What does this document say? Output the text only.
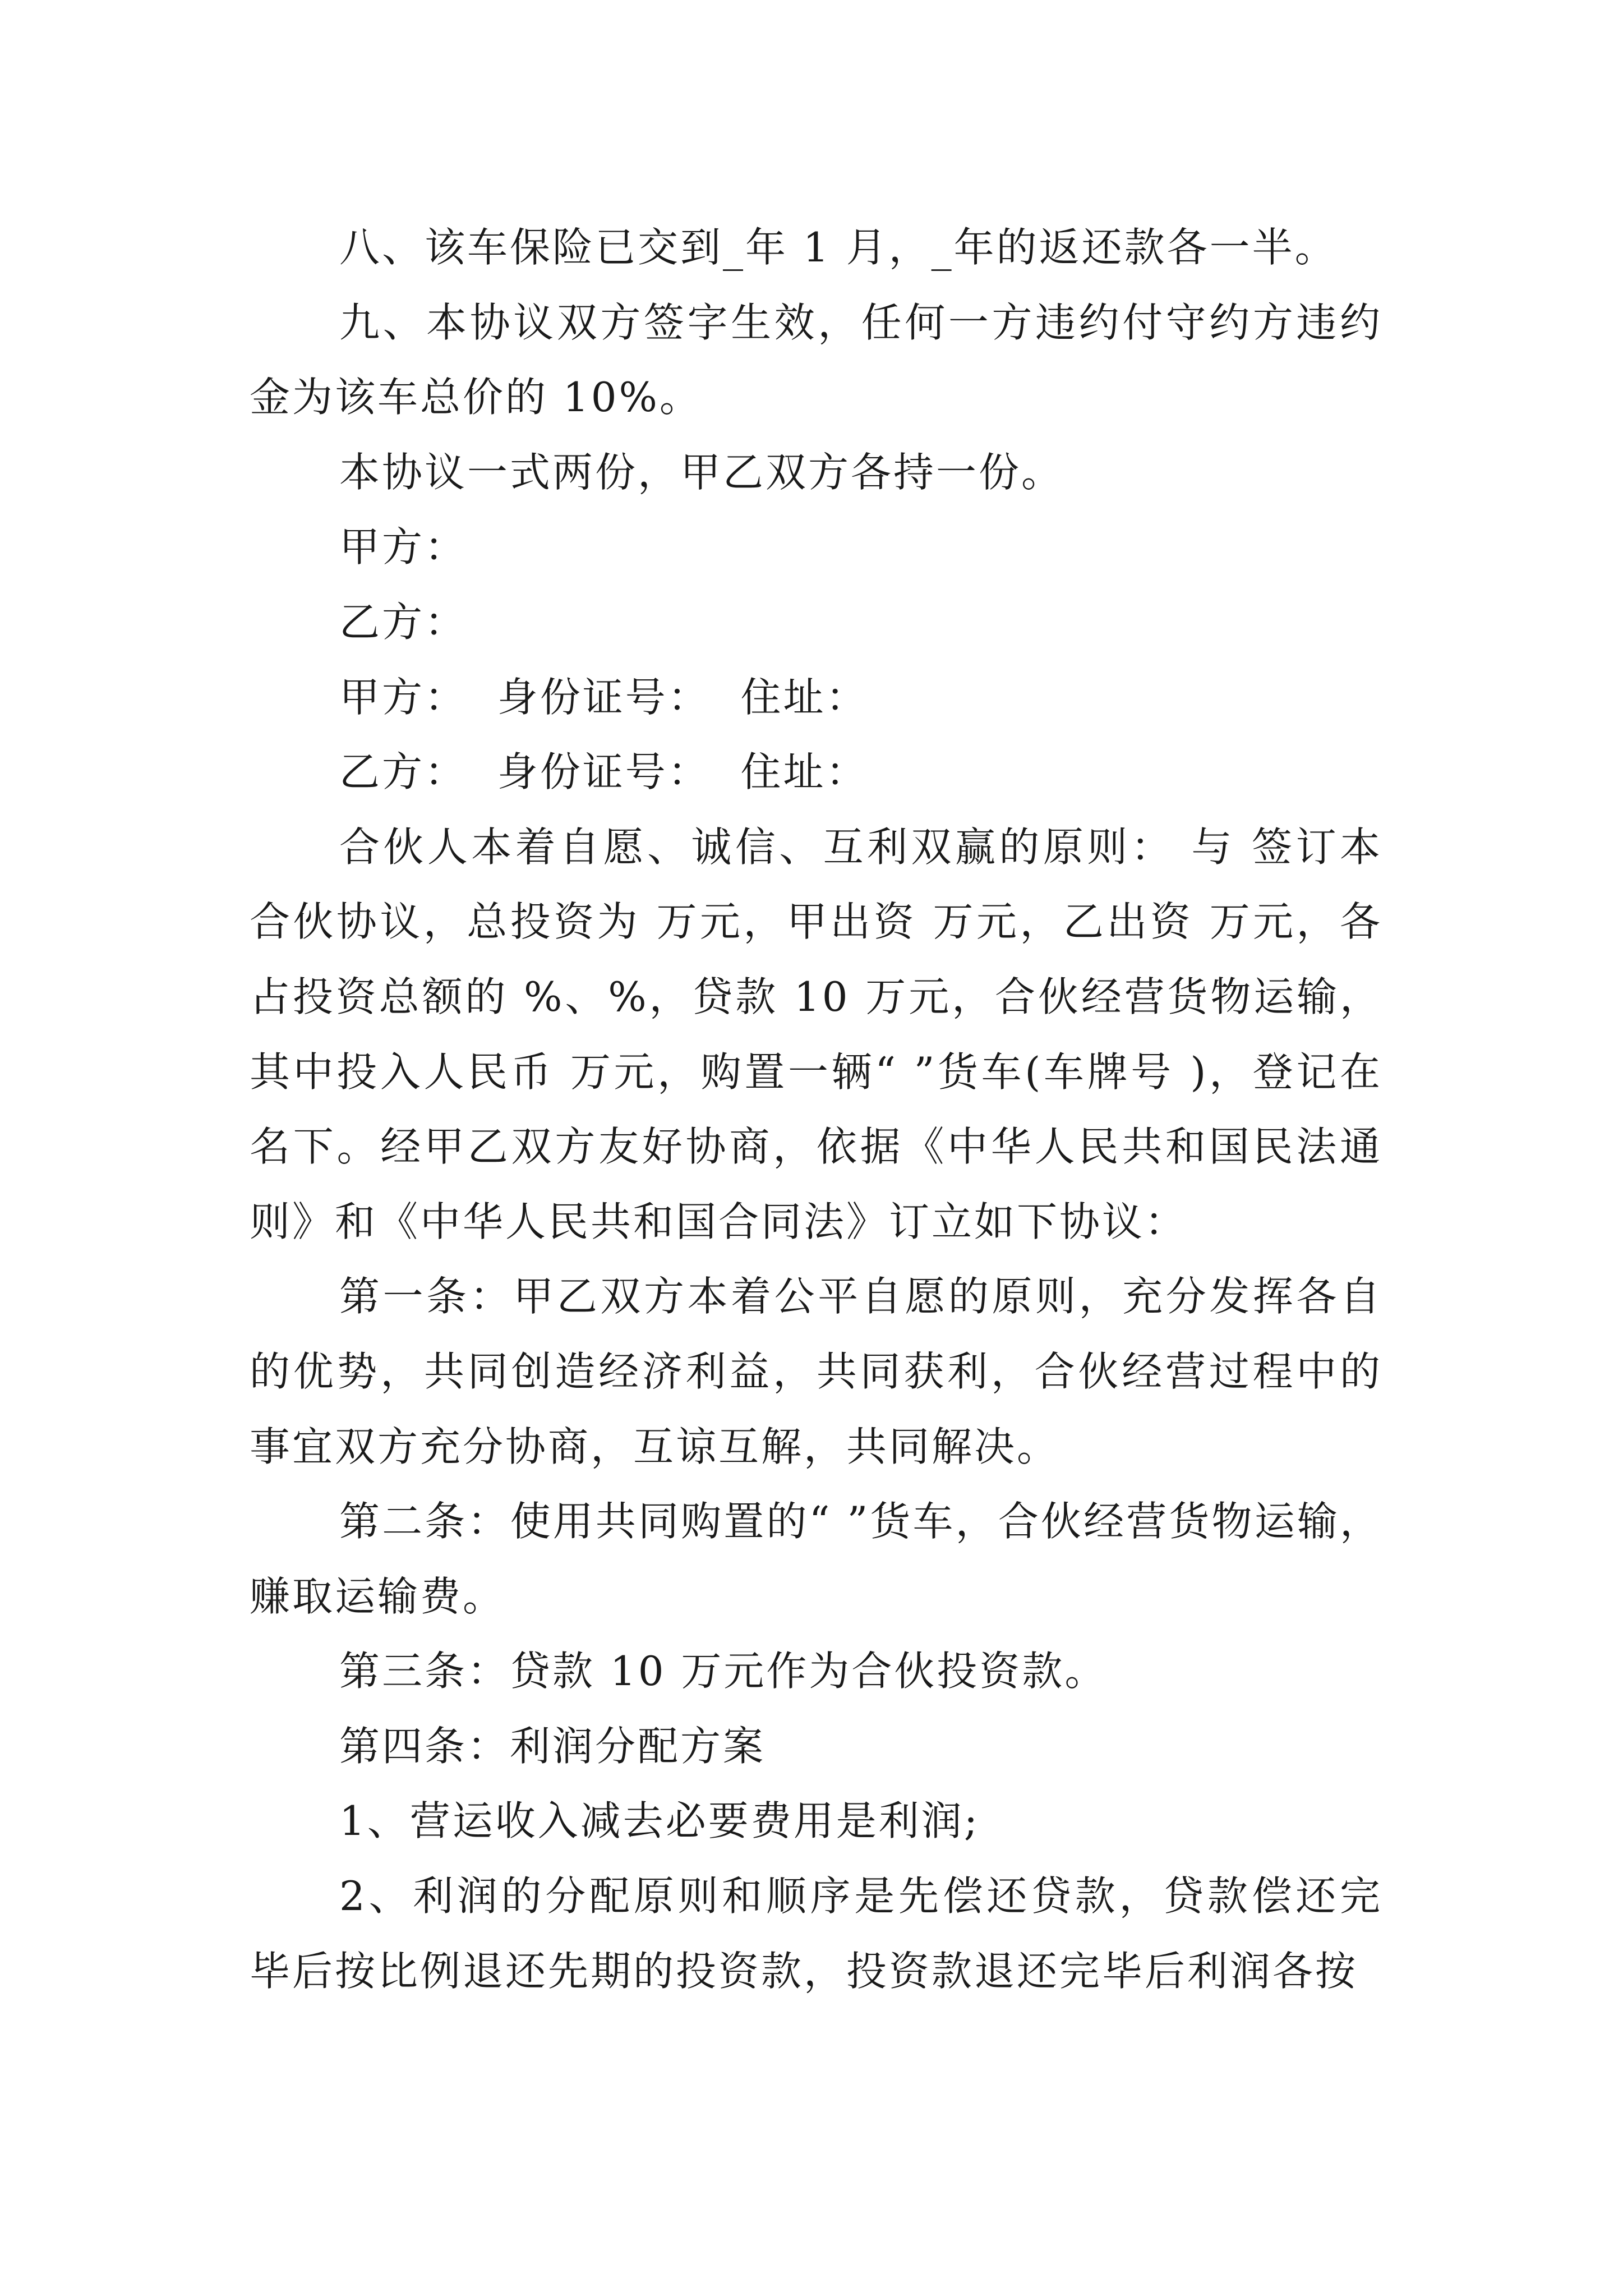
八、该车保险已交到_年 1 月，_年的返还款各一半。

九、本协议双方签字生效，任何一方违约付守约方违约金为该车总价的 10%。

本协议一式两份，甲乙双方各持一份。

甲方：

乙方：

甲方：  身份证号：  住址：

乙方：  身份证号：  住址：

合伙人本着自愿、诚信、互利双赢的原则： 与 签订本合伙协议，总投资为 万元，甲出资 万元，乙出资 万元，各占投资总额的 %、%，贷款 10 万元，合伙经营货物运输，其中投入人民币 万元，购置一辆“ ”货车(车牌号 )，登记在 名下。经甲乙双方友好协商，依据《中华人民共和国民法通则》和《中华人民共和国合同法》订立如下协议：

第一条：甲乙双方本着公平自愿的原则，充分发挥各自的优势，共同创造经济利益，共同获利，合伙经营过程中的事宜双方充分协商，互谅互解，共同解决。

第二条：使用共同购置的“ ”货车，合伙经营货物运输，赚取运输费。

第三条：贷款 10 万元作为合伙投资款。

第四条：利润分配方案

1、营运收入减去必要费用是利润;

2、利润的分配原则和顺序是先偿还贷款，贷款偿还完毕后按比例退还先期的投资款，投资款退还完毕后利润各按
